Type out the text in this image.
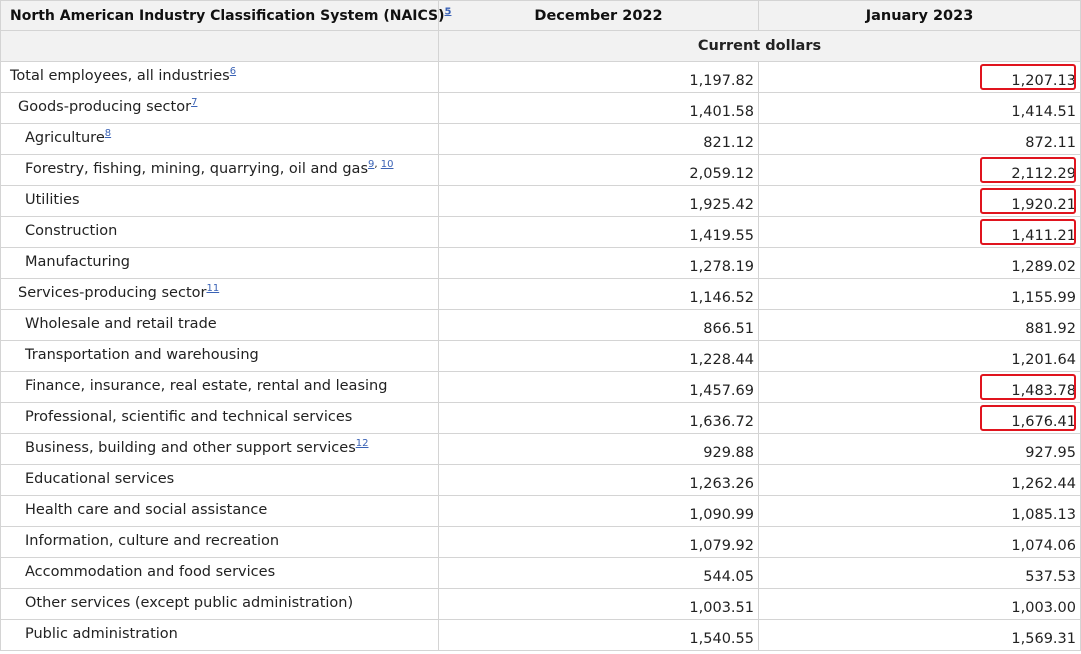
North American Industry Classification System (NAICS)$^5$	December 2022	January 2023
	Current dollars	
Total employees, all industries$^6$	1,197.82	1,207.13

Goods-producing sector$^7$	1,401.58	1,414.51
Agriculture$^8$	821.12	872.11
Forestry, fishing, mining, quarrying, oil and gas$^{9, 10}$	2,059.12	2,112.29

Utilities	1,925.42	1,920.21

Construction	1,419.55	1,411.21

Manufacturing	1,278.19	1,289.02
Services-producing sector$^{11}$	1,146.52	1,155.99
Wholesale and retail trade	866.51	881.92
Transportation and warehousing	1,228.44	1,201.64
Finance, insurance, real estate, rental and leasing	1,457.69	1,483.78

Professional, scientific and technical services	1,636.72	1,676.41

Business, building and other support services$^{12}$	929.88	927.95
Educational services	1,263.26	1,262.44
Health care and social assistance	1,090.99	1,085.13
Information, culture and recreation	1,079.92	1,074.06
Accommodation and food services	544.05	537.53
Other services (except public administration)	1,003.51	1,003.00
Public administration	1,540.55	1,569.31
